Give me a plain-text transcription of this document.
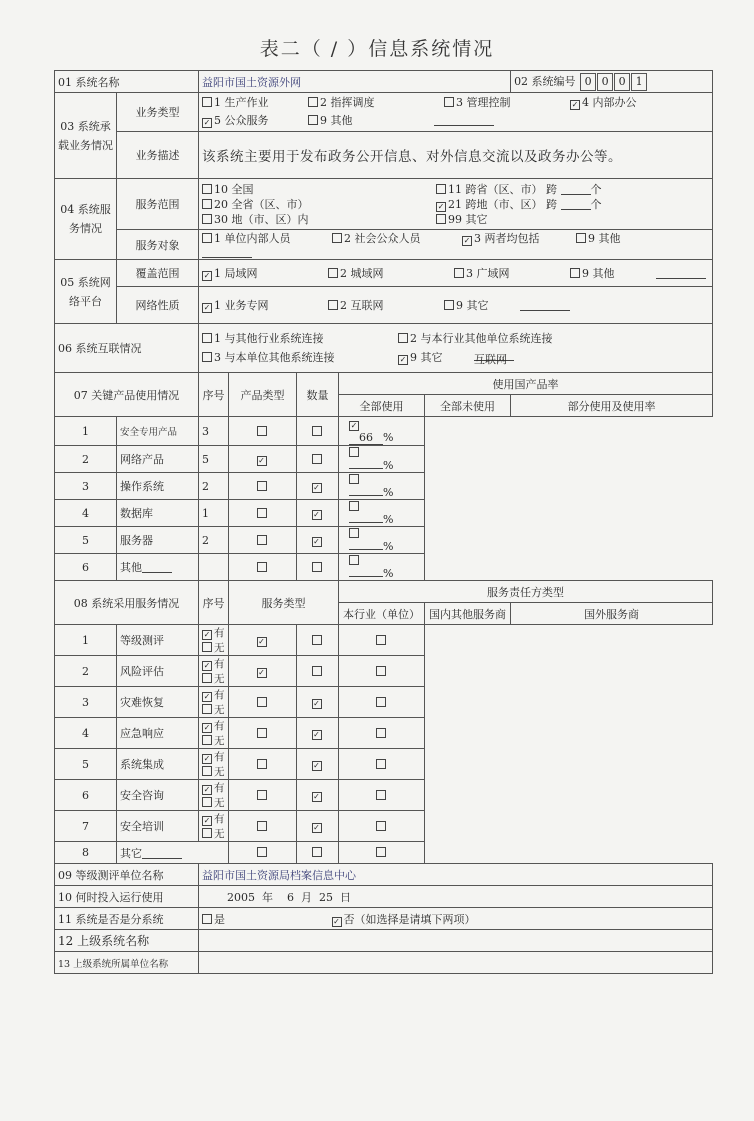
表二（ / ）信息系统情况
01 系统名称		益阳市国土资源外网					02 系统编号 0 0 0 1
03 系统承载业务情况	业务类型	1 生产作业 2 指挥调度 3 管理控制 ✓ 4 内部办公
✓5 公众服务 9 其他
	业务描述	该系统主要用于发布政务公开信息、对外信息交流以及政务办公等。					
04 系统服务情况	服务范围	10 全国 11 跨省（区、市） 跨 个
20 全省（区、市） ✓ 21 跨地（市、区） 跨 个
30 地（市、区）内 99 其它
	服务对象	1 单位内部人员 2 社会公众人员 ✓ 3 两者均包括 9 其他
05 系统网络平台	覆盖范围	✓1 局域网 2 城域网 3 广域网 9 其他
	网络性质	✓1 业务专网 2 互联网 9 其它
06 系统互联情况		1 与其他行业系统连接 2 与本行业其他单位系统连接
3 与本单位其他系统连接 ✓ 9 其它 互联网
07 关键产品使用情况		序号	产品类型	数量	使用国产品率		
					全部使用	全部未使用	部分使用及使用率
1	安全专用产品	3			✓66 %
2	网络产品	5	✓		%		
3	操作系统	2		✓	%		
4	数据库	1		✓	%		
5	服务器	2		✓	%		
6	其他				%		
08 系统采用服务情况		序号	服务类型		服务责任方类型		
					本行业（单位）	国内其他服务商	国外服务商
1	等级测评	✓有无	✓		
2	风险评估	✓有无	✓		
3	灾难恢复	✓有无		✓	
4	应急响应	✓有无		✓	
5	系统集成	✓有无		✓	
6	安全咨询	✓有无		✓	
7	安全培训	✓有无		✓	
8	其它						
09 等级测评单位名称		益阳市国土资源局档案信息中心					
10 何时投入运行使用		2005 年 6 月 25 日					
11 系统是否是分系统		是 ✓ 否（如选择是请填下两项）
12 上级系统名称							
13 上级系统所属单位名称							
